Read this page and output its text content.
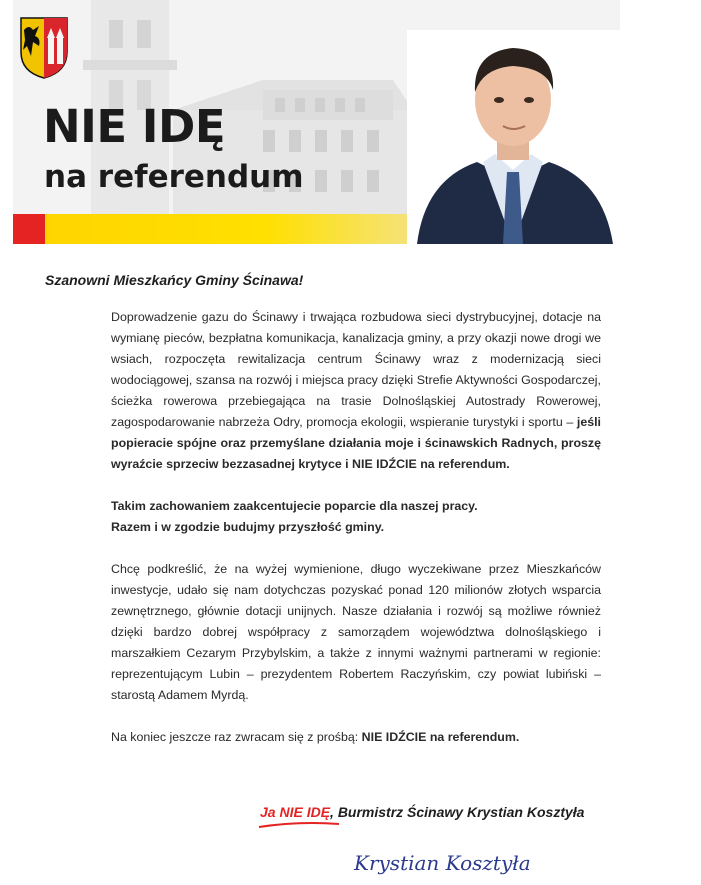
NIE IDĘ
na referendum
Szanowni Mieszkańcy Gminy Ścinawa!

Doprowadzenie gazu do Ścinawy i trwająca rozbudowa sieci dystrybucyjnej, dotacje na wymianę pieców, bezpłatna komunikacja, kanalizacja gminy, a przy okazji nowe drogi we wsiach, rozpoczęta rewitalizacja centrum Ścinawy wraz z modernizacją sieci wodociągowej, szansa na rozwój i miejsca pracy dzięki Strefie Aktywności Gospodarczej, ścieżka rowerowa przebiegająca na trasie Dolnośląskiej Autostrady Rowerowej, zagospodarowanie nabrzeża Odry, promocja ekologii, wspieranie turystyki i sportu – jeśli popieracie spójne oraz przemyślane działania moje i ścinawskich Radnych, proszę wyraźcie sprzeciw bezzasadnej krytyce i NIE IDŹCIE na referendum.

Takim zachowaniem zaakcentujecie poparcie dla naszej pracy.
Razem i w zgodzie budujmy przyszłość gminy.

Chcę podkreślić, że na wyżej wymienione, długo wyczekiwane przez Mieszkańców inwestycje, udało się nam dotychczas pozyskać ponad 120 milionów złotych wsparcia zewnętrznego, głównie dotacji unijnych. Nasze działania i rozwój są możliwe również dzięki bardzo dobrej współpracy z samorządem województwa dolnośląskiego i marszałkiem Cezarym Przybylskim, a także z innymi ważnymi partnerami w regionie: reprezentującym Lubin – prezydentem Robertem Raczyńskim, czy powiat lubiński – starostą Adamem Myrdą.

Na koniec jeszcze raz zwracam się z prośbą: NIE IDŹCIE na referendum.

Ja NIE IDĘ, Burmistrz Ścinawy Krystian Kosztyła
Krystian Kosztyła
